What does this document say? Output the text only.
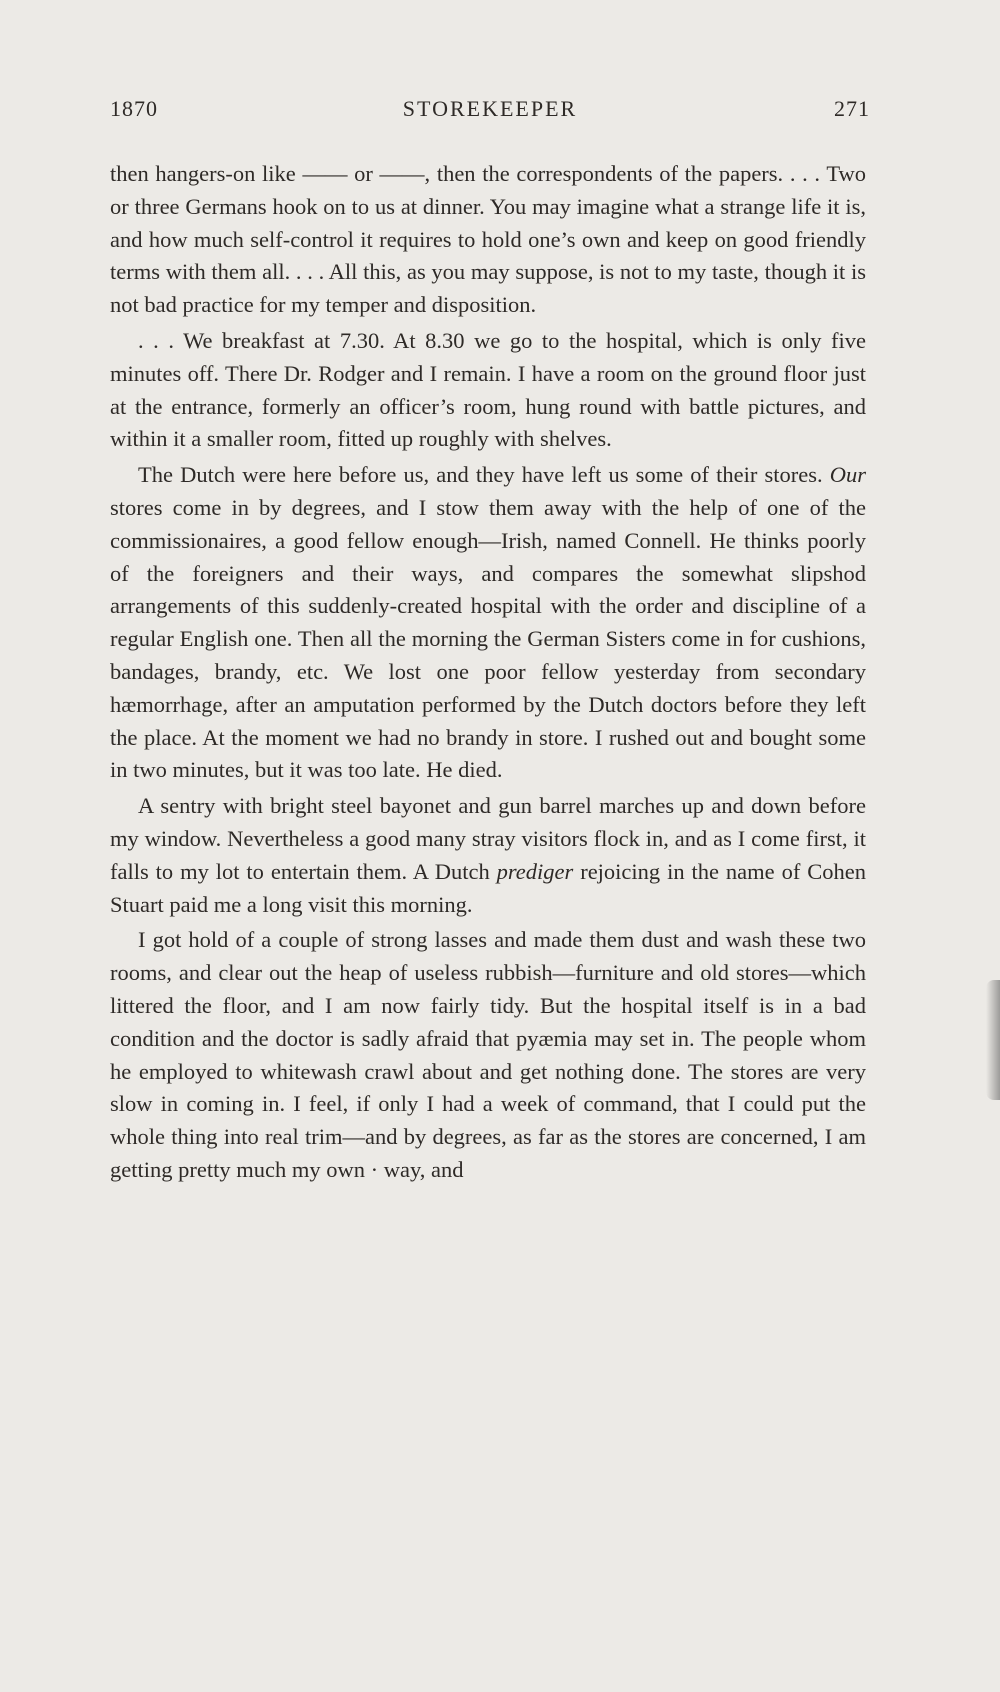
1870	STOREKEEPER	271

then hangers-on like —— or ——, then the correspondents of the papers. . . . Two or three Germans hook on to us at dinner. You may imagine what a strange life it is, and how much self-control it requires to hold one’s own and keep on good friendly terms with them all. . . . All this, as you may suppose, is not to my taste, though it is not bad practice for my temper and disposition.

. . . We breakfast at 7.30. At 8.30 we go to the hospital, which is only five minutes off. There Dr. Rodger and I remain. I have a room on the ground floor just at the entrance, formerly an officer’s room, hung round with battle pictures, and within it a smaller room, fitted up roughly with shelves.

The Dutch were here before us, and they have left us some of their stores. Our stores come in by degrees, and I stow them away with the help of one of the commissionaires, a good fellow enough—Irish, named Connell. He thinks poorly of the foreigners and their ways, and compares the somewhat slipshod arrangements of this suddenly-created hospital with the order and discipline of a regular English one. Then all the morning the German Sisters come in for cushions, bandages, brandy, etc. We lost one poor fellow yesterday from secondary hæmorrhage, after an amputation performed by the Dutch doctors before they left the place. At the moment we had no brandy in store. I rushed out and bought some in two minutes, but it was too late. He died.

A sentry with bright steel bayonet and gun barrel marches up and down before my window. Nevertheless a good many stray visitors flock in, and as I come first, it falls to my lot to entertain them. A Dutch prediger rejoicing in the name of Cohen Stuart paid me a long visit this morning.

I got hold of a couple of strong lasses and made them dust and wash these two rooms, and clear out the heap of useless rubbish—furniture and old stores—which littered the floor, and I am now fairly tidy. But the hospital itself is in a bad condition and the doctor is sadly afraid that pyæmia may set in. The people whom he employed to whitewash crawl about and get nothing done. The stores are very slow in coming in. I feel, if only I had a week of command, that I could put the whole thing into real trim—and by degrees, as far as the stores are concerned, I am getting pretty much my own · way, and
